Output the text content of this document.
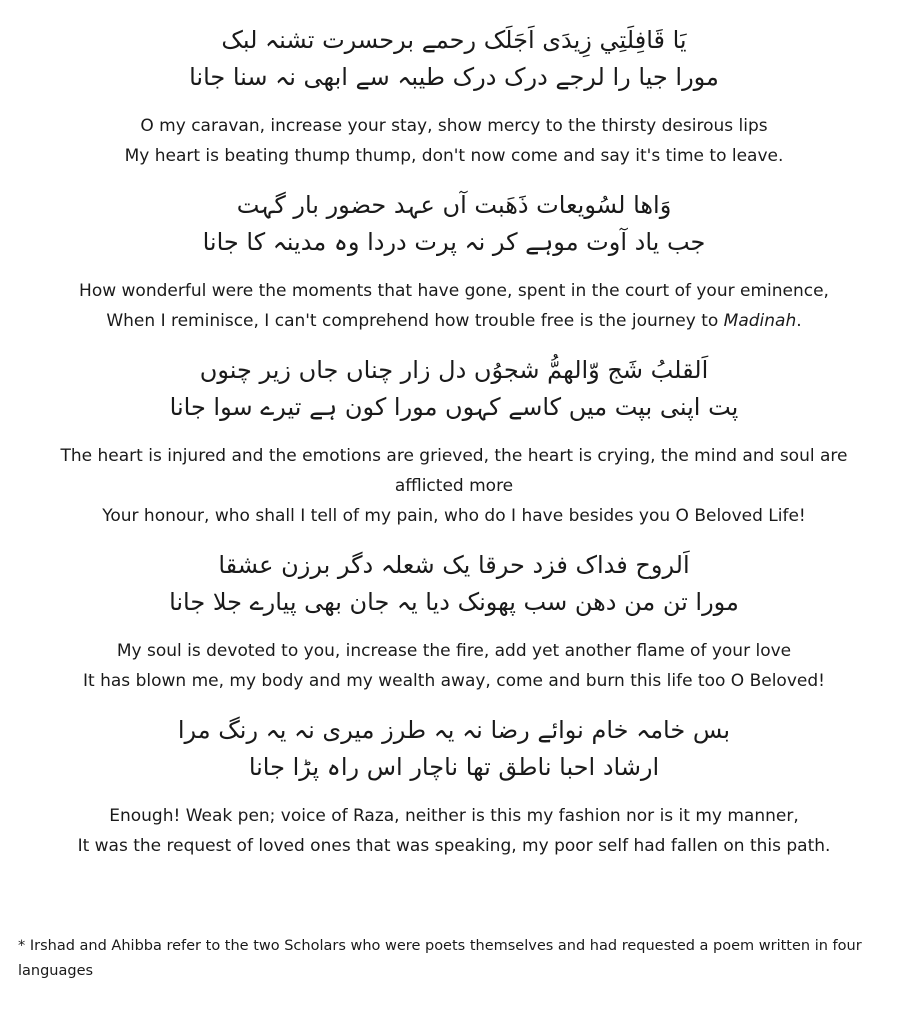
يَا قَافِلَتِي زِيدَی اَجَلَک رحمے برحسرت تشنہ لبک

مورا جیا را لرجے درک درک طیبہ سے ابھی نہ سنا جانا

O my caravan, increase your stay, show mercy to the thirsty desirous lips

My heart is beating thump thump, don't now come and say it's time to leave.

وَاها لسُویعات ذَهَبت آں عہد حضور بار گہت

جب یاد آوت موہے کر نہ پرت دردا وہ مدینہ کا جانا

How wonderful were the moments that have gone, spent in the court of your eminence,

When I reminisce, I can't comprehend how trouble free is the journey to Madinah.

اَلقلبُ شَج وّالهمُّ شجوُں دل زار چناں جاں زیر چنوں

پت اپنی بپت میں کاسے کہوں مورا کون ہے تیرے سوا جانا

The heart is injured and the emotions are grieved, the heart is crying, the mind and soul are afflicted more

Your honour, who shall I tell of my pain, who do I have besides you O Beloved Life!

اَلروح فداک فزد حرقا یک شعلہ دگر برزن عشقا

مورا تن من دھن سب پھونک دیا یہ جان بھی پیارے جلا جانا

My soul is devoted to you, increase the fire, add yet another flame of your love

It has blown me, my body and my wealth away, come and burn this life too O Beloved!

بس خامہ خام نوائے رضا نہ یہ طرز میری نہ یہ رنگ مرا

ارشاد احبا ناطق تها ناچار اس راہ پڑا جانا

Enough! Weak pen; voice of Raza, neither is this my fashion nor is it my manner,

It was the request of loved ones that was speaking, my poor self had fallen on this path.

* Irshad and Ahibba refer to the two Scholars who were poets themselves and had requested a poem written in four languages
